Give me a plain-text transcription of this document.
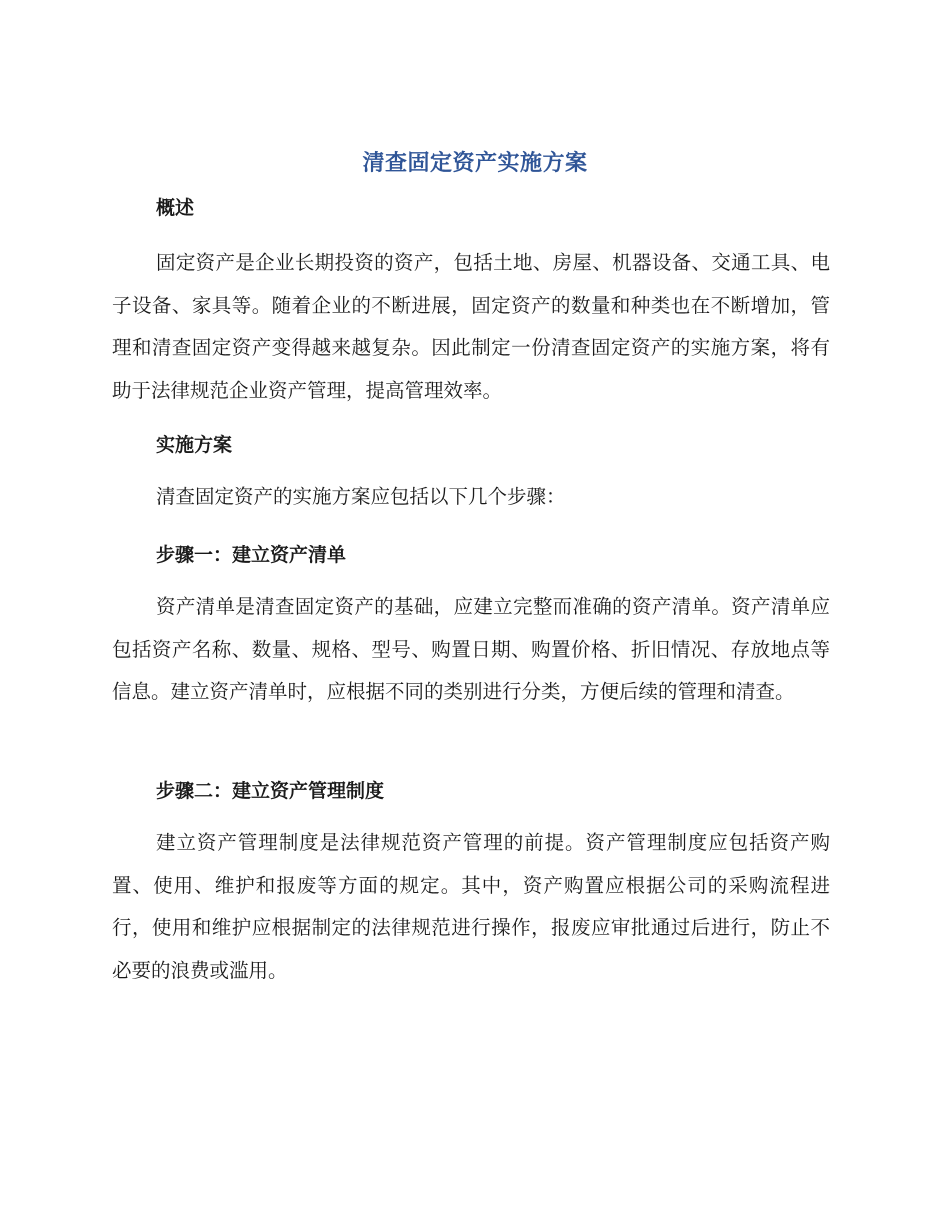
清查固定资产实施方案
概述
固定资产是企业长期投资的资产，包括土地、房屋、机器设备、交通工具、电子设备、家具等。随着企业的不断进展，固定资产的数量和种类也在不断增加，管理和清查固定资产变得越来越复杂。因此制定一份清查固定资产的实施方案，将有助于法律规范企业资产管理，提高管理效率。
实施方案
清查固定资产的实施方案应包括以下几个步骤：
步骤一：建立资产清单
资产清单是清查固定资产的基础，应建立完整而准确的资产清单。资产清单应包括资产名称、数量、规格、型号、购置日期、购置价格、折旧情况、存放地点等信息。建立资产清单时，应根据不同的类别进行分类，方便后续的管理和清查。
步骤二：建立资产管理制度
建立资产管理制度是法律规范资产管理的前提。资产管理制度应包括资产购置、使用、维护和报废等方面的规定。其中，资产购置应根据公司的采购流程进行，使用和维护应根据制定的法律规范进行操作，报废应审批通过后进行，防止不必要的浪费或滥用。
